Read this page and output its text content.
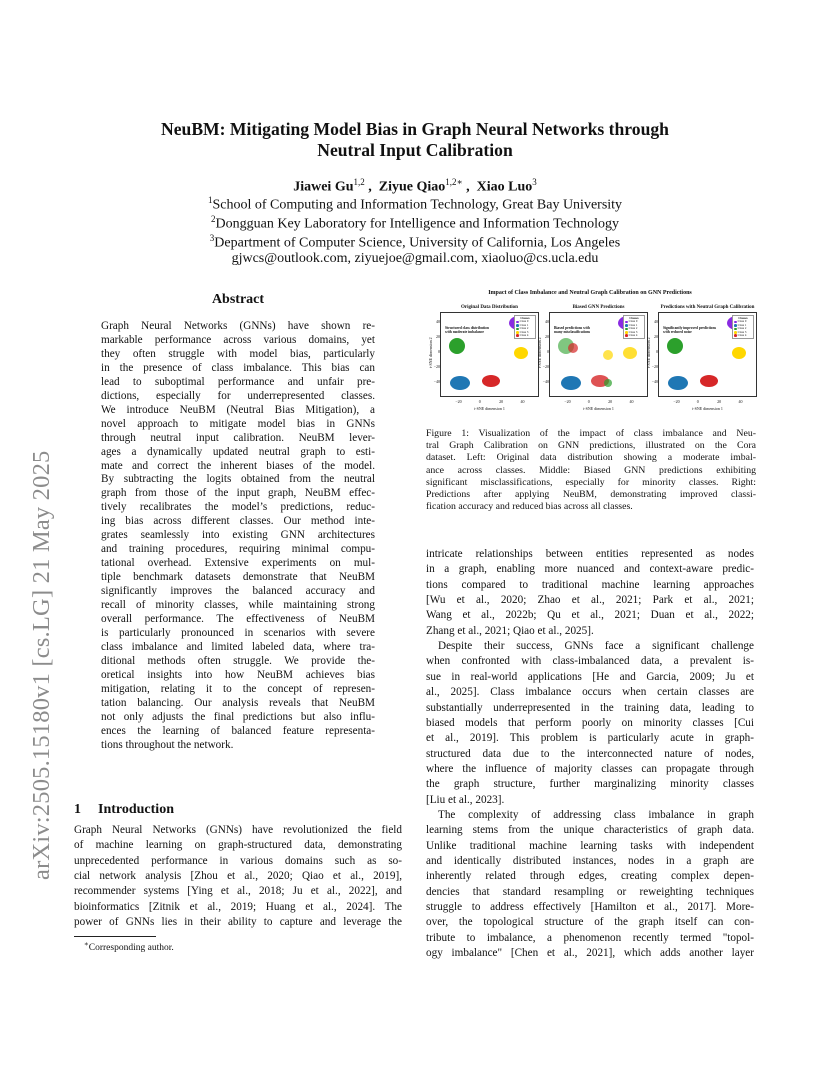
arXiv:2505.15180v1 [cs.LG] 21 May 2025
NeuBM: Mitigating Model Bias in Graph Neural Networks through
Neutral Input Calibration
Jiawei Gu$^{1,2}$ ,  Ziyue Qiao$^{1,2∗}$ ,  Xiao Luo$^3$
$^1$School of Computing and Information Technology, Great Bay University
$^2$Dongguan Key Laboratory for Intelligence and Information Technology
$^3$Department of Computer Science, University of California, Los Angeles
gjwcs@outlook.com, ziyuejoe@gmail.com, xiaoluo@cs.ucla.edu
Abstract
Graph Neural Networks (GNNs) have shown re-
markable performance across various domains, yet
they often struggle with model bias, particularly
in the presence of class imbalance. This bias can
lead to suboptimal performance and unfair pre-
dictions, especially for underrepresented classes.
We introduce NeuBM (Neutral Bias Mitigation), a
novel approach to mitigate model bias in GNNs
through neutral input calibration. NeuBM lever-
ages a dynamically updated neutral graph to esti-
mate and correct the inherent biases of the model.
By subtracting the logits obtained from the neutral
graph from those of the input graph, NeuBM effec-
tively recalibrates the model’s predictions, reduc-
ing bias across different classes. Our method inte-
grates seamlessly into existing GNN architectures
and training procedures, requiring minimal compu-
tational overhead. Extensive experiments on mul-
tiple benchmark datasets demonstrate that NeuBM
significantly improves the balanced accuracy and
recall of minority classes, while maintaining strong
overall performance. The effectiveness of NeuBM
is particularly pronounced in scenarios with severe
class imbalance and limited labeled data, where tra-
ditional methods often struggle. We provide the-
oretical insights into how NeuBM achieves bias
mitigation, relating it to the concept of represen-
tation balancing. Our analysis reveals that NeuBM
not only adjusts the final predictions but also influ-
ences the learning of balanced feature representa-
tions throughout the network.
1 Introduction
Graph Neural Networks (GNNs) have revolutionized the field
of machine learning on graph-structured data, demonstrating
unprecedented performance in various domains such as so-
cial network analysis [Zhou et al., 2020; Qiao et al., 2019],
recommender systems [Ying et al., 2018; Ju et al., 2022], and
bioinformatics [Zitnik et al., 2019; Huang et al., 2024]. The
power of GNNs lies in their ability to capture and leverage the
∗Corresponding author.
Impact of Class Imbalance and Neutral Graph Calibration on GNN Predictions
Original Data Distribution
Structured class distribution
with moderate imbalance
Classes
Class 0
Class 1
Class 2
Class 3
Class 4
−20	0	20	40
40
20
0
−20
−40
t-SNE dimension 1
t-SNE dimension 2
Biased GNN Predictions
Biased predictions with
many misclassifications
Classes
Class 0
Class 1
Class 2
Class 3
Class 4
−20	0	20	40
40
20
0
−20
−40
t-SNE dimension 1
t-SNE dimension 2
Predictions with Neutral Graph Calibration
Significantly improved predictions
with reduced noise
Classes
Class 0
Class 1
Class 2
Class 3
Class 4
−20	0	20	40
40
20
0
−20
−40
t-SNE dimension 1
t-SNE dimension 2
Figure 1: Visualization of the impact of class imbalance and Neu-
tral Graph Calibration on GNN predictions, illustrated on the Cora
dataset. Left: Original data distribution showing a moderate imbal-
ance across classes. Middle: Biased GNN predictions exhibiting
significant misclassifications, especially for minority classes. Right:
Predictions after applying NeuBM, demonstrating improved classi-
fication accuracy and reduced bias across all classes.
intricate relationships between entities represented as nodes
in a graph, enabling more nuanced and context-aware predic-
tions compared to traditional machine learning approaches
[Wu et al., 2020; Zhao et al., 2021; Park et al., 2021;
Wang et al., 2022b; Qu et al., 2021; Duan et al., 2022;
Zhang et al., 2021; Qiao et al., 2025].
Despite their success, GNNs face a significant challenge
when confronted with class-imbalanced data, a prevalent is-
sue in real-world applications [He and Garcia, 2009; Ju et
al., 2025]. Class imbalance occurs when certain classes are
substantially underrepresented in the training data, leading to
biased models that perform poorly on minority classes [Cui
et al., 2019]. This problem is particularly acute in graph-
structured data due to the interconnected nature of nodes,
where the influence of majority classes can propagate through
the graph structure, further marginalizing minority classes
[Liu et al., 2023].
The complexity of addressing class imbalance in graph
learning stems from the unique characteristics of graph data.
Unlike traditional machine learning tasks with independent
and identically distributed instances, nodes in a graph are
inherently related through edges, creating complex depen-
dencies that standard resampling or reweighting techniques
struggle to address effectively [Hamilton et al., 2017]. More-
over, the topological structure of the graph itself can con-
tribute to imbalance, a phenomenon recently termed "topol-
ogy imbalance" [Chen et al., 2021], which adds another layer
